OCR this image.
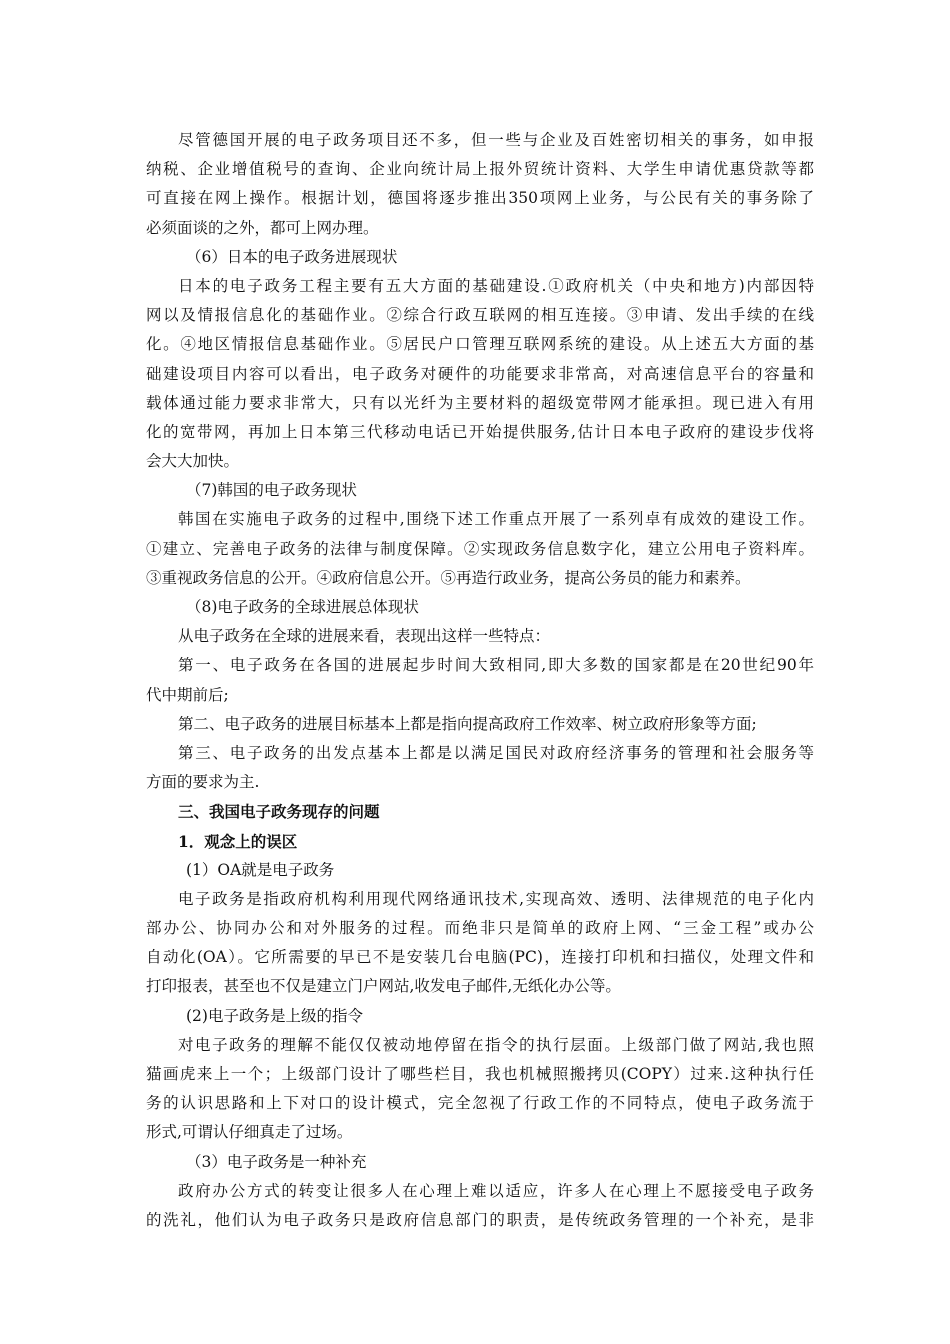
尽管德国开展的电子政务项目还不多，但一些与企业及百姓密切相关的事务，如申报
纳税、企业增值税号的查询、企业向统计局上报外贸统计资料、大学生申请优惠贷款等都
可直接在网上操作。根据计划，德国将逐步推出350项网上业务，与公民有关的事务除了
必须面谈的之外，都可上网办理。
（6）日本的电子政务进展现状
日本的电子政务工程主要有五大方面的基础建设.①政府机关（中央和地方)内部因特
网以及情报信息化的基础作业。②综合行政互联网的相互连接。③申请、发出手续的在线
化。④地区情报信息基础作业。⑤居民户口管理互联网系统的建设。从上述五大方面的基
础建设项目内容可以看出，电子政务对硬件的功能要求非常高，对高速信息平台的容量和
载体通过能力要求非常大，只有以光纤为主要材料的超级宽带网才能承担。现已进入有用
化的宽带网，再加上日本第三代移动电话已开始提供服务,估计日本电子政府的建设步伐将
会大大加快。
（7)韩国的电子政务现状
韩国在实施电子政务的过程中,围绕下述工作重点开展了一系列卓有成效的建设工作。
①建立、完善电子政务的法律与制度保障。②实现政务信息数字化，建立公用电子资料库。
③重视政务信息的公开。④政府信息公开。⑤再造行政业务，提高公务员的能力和素养。
（8)电子政务的全球进展总体现状
从电子政务在全球的进展来看，表现出这样一些特点：
第一、电子政务在各国的进展起步时间大致相同,即大多数的国家都是在20世纪90年
代中期前后;
第二、电子政务的进展目标基本上都是指向提高政府工作效率、树立政府形象等方面;
第三、电子政务的出发点基本上都是以满足国民对政府经济事务的管理和社会服务等
方面的要求为主.
三、我国电子政务现存的问题
1．观念上的误区
(1）OA就是电子政务
电子政务是指政府机构利用现代网络通讯技术,实现高效、透明、法律规范的电子化内
部办公、协同办公和对外服务的过程。而绝非只是简单的政府上网、“三金工程”或办公
自动化(OA）。它所需要的早已不是安装几台电脑(PC)，连接打印机和扫描仪，处理文件和
打印报表，甚至也不仅是建立门户网站,收发电子邮件,无纸化办公等。
(2)电子政务是上级的指令
对电子政务的理解不能仅仅被动地停留在指令的执行层面。上级部门做了网站,我也照
猫画虎来上一个；上级部门设计了哪些栏目，我也机械照搬拷贝(COPY）过来.这种执行任
务的认识思路和上下对口的设计模式，完全忽视了行政工作的不同特点，使电子政务流于
形式,可谓认仔细真走了过场。
（3）电子政务是一种补充
政府办公方式的转变让很多人在心理上难以适应，许多人在心理上不愿接受电子政务
的洗礼，他们认为电子政务只是政府信息部门的职责，是传统政务管理的一个补充，是非
